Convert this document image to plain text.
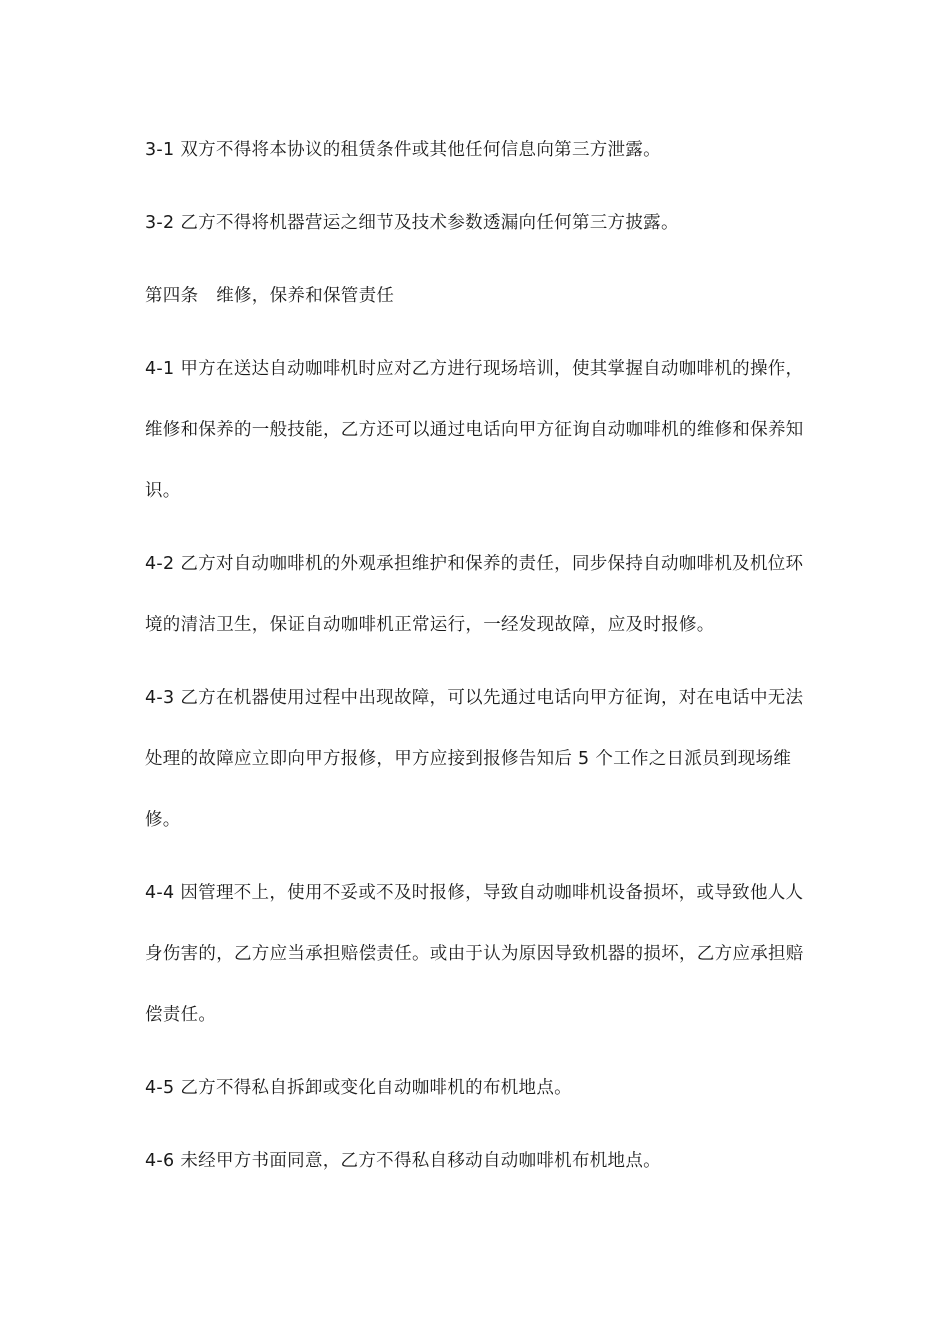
3-1 双方不得将本协议的租赁条件或其他任何信息向第三方泄露。

3-2 乙方不得将机器营运之细节及技术参数透漏向任何第三方披露。

第四条　维修，保养和保管责任

4-1 甲方在送达自动咖啡机时应对乙方进行现场培训，使其掌握自动咖啡机的操作，维修和保养的一般技能，乙方还可以通过电话向甲方征询自动咖啡机的维修和保养知识。

4-2 乙方对自动咖啡机的外观承担维护和保养的责任，同步保持自动咖啡机及机位环境的清洁卫生，保证自动咖啡机正常运行，一经发现故障，应及时报修。

4-3 乙方在机器使用过程中出现故障，可以先通过电话向甲方征询，对在电话中无法处理的故障应立即向甲方报修，甲方应接到报修告知后 5 个工作之日派员到现场维修。

4-4 因管理不上，使用不妥或不及时报修，导致自动咖啡机设备损坏，或导致他人人身伤害的，乙方应当承担赔偿责任。或由于认为原因导致机器的损坏，乙方应承担赔偿责任。

4-5 乙方不得私自拆卸或变化自动咖啡机的布机地点。

4-6 未经甲方书面同意，乙方不得私自移动自动咖啡机布机地点。
